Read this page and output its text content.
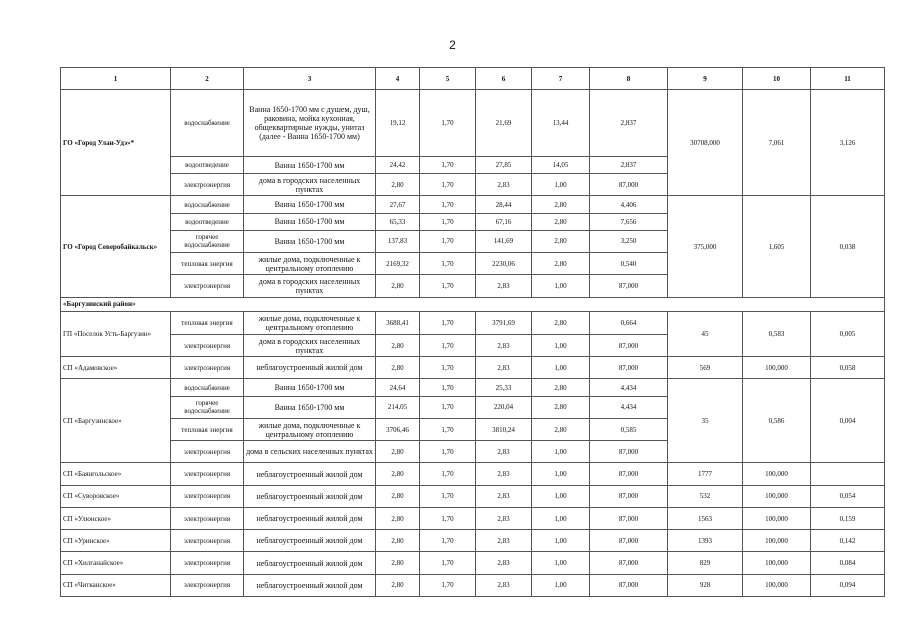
2
1	2	3	4	5	6	7	8	9	10	11
ГО «Город Улан-Удэ»*	водоснабжение	Ванна 1650-1700 мм с душем, душ, раковина, мойка кухонная, общеквартирные нужды, унитаз (далее - Ванна 1650-1700 мм)	19,12	1,70	21,69	13,44	2,837	30708,000	7,061	3,126
	водоотведение	Ванна 1650-1700 мм	24,42	1,70	27,85	14,05	2,837			
	электроэнергия	дома в городских населенных пунктах	2,80	1,70	2,83	1,00	87,000			
ГО «Город Северобайкальск»	водоснабжение	Ванна 1650-1700 мм	27,67	1,70	28,44	2,80	4,406	375,000	1,605	0,038
	водоотведение	Ванна 1650-1700 мм	65,33	1,70	67,16	2,80	7,656			
	горячее водоснабжение	Ванна 1650-1700 мм	137,83	1,70	141,69	2,80	3,250			
	тепловая энергия	жилые дома, подключенные к центральному отоплению	2169,32	1,70	2230,06	2,80	0,540			
	электроэнергия	дома в городских населенных пунктах	2,80	1,70	2,83	1,00	87,000			
«Баргузинский район»										
ГП «Поселок Усть-Баргузин»	тепловая энергия	жилые дома, подключенные к центральному отоплению	3688,41	1,70	3791,69	2,80	0,664	45	0,583	0,005
	электроэнергия	дома в городских населенных пунктах	2,80	1,70	2,83	1,00	87,000			
СП «Адамовское»	электроэнергия	неблагоустроенный жилой дом	2,80	1,70	2,83	1,00	87,000	569	100,000	0,058
СП «Баргузинское»	водоснабжение	Ванна 1650-1700 мм	24,64	1,70	25,33	2,80	4,434	35	0,586	0,004
	горячее водоснабжение	Ванна 1650-1700 мм	214,05	1,70	220,04	2,80	4,434			
	тепловая энергия	жилые дома, подключенные к центральному отоплению	3706,46	1,70	3810,24	2,80	0,585			
	электроэнергия	дома в сельских населенных пунктах	2,80	1,70	2,83	1,00	87,000			
СП «Баянгольское»	электроэнергия	неблагоустроенный жилой дом	2,80	1,70	2,83	1,00	87,000	1777	100,000	
СП «Суворовское»	электроэнергия	неблагоустроенный жилой дом	2,80	1,70	2,83	1,00	87,000	532	100,000	0,054
СП «Улюнское»	электроэнергия	неблагоустроенный жилой дом	2,80	1,70	2,83	1,00	87,000	1563	100,000	0,159
СП «Уринское»	электроэнергия	неблагоустроенный жилой дом	2,80	1,70	2,83	1,00	87,000	1393	100,000	0,142
СП «Хилганайское»	электроэнергия	неблагоустроенный жилой дом	2,80	1,70	2,83	1,00	87,000	829	100,000	0,084
СП «Читканское»	электроэнергия	неблагоустроенный жилой дом	2,80	1,70	2,83	1,00	87,000	928	100,000	0,094
